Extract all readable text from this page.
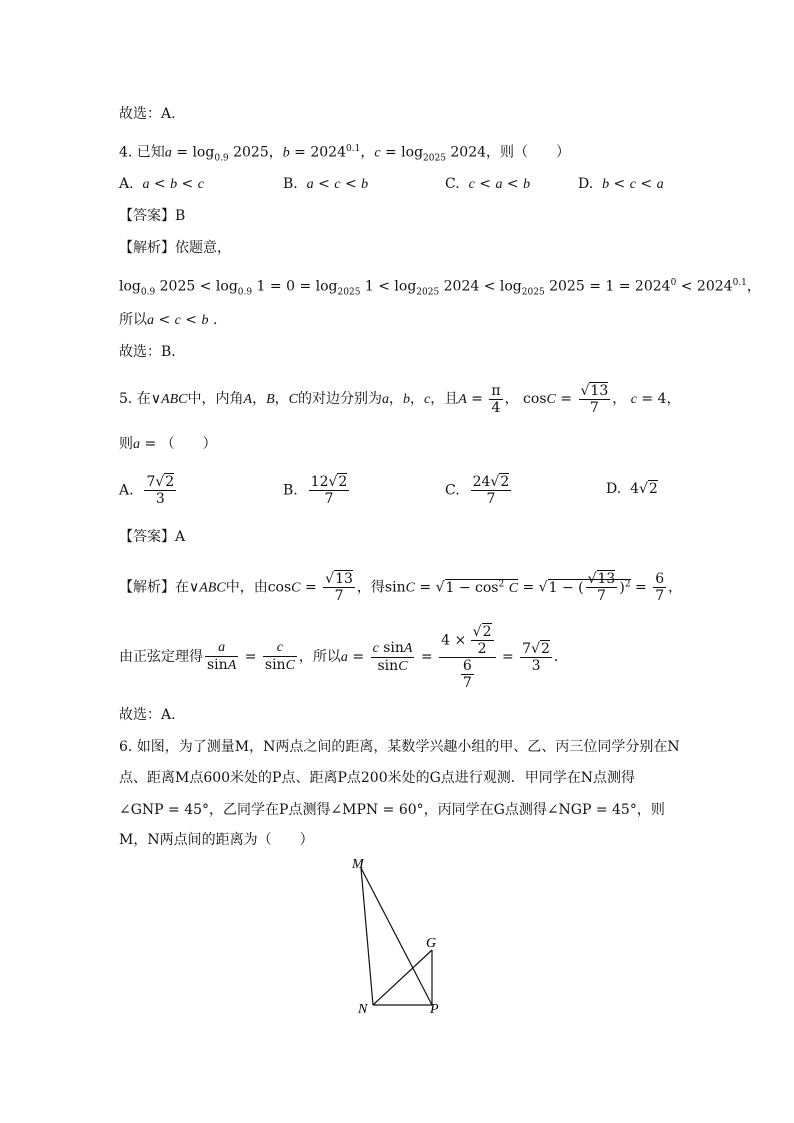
故选：A.
4. 已知$a = \log_{0.9} 2025$，$b = 2024^{0.1}$，$c = \log_{2025} 2024$，则（　　）
A. a < b < c	B. a < c < b	C. c < a < b	D. b < c < a
【答案】B
【解析】依题意，
$\log_{0.9} 2025 < \log_{0.9} 1 = 0 = \log_{2025} 1 < \log_{2025} 2024 < \log_{2025} 2025 = 1 = 2024^0 < 2024^{0.1}$，
所以a < c < b .
故选：B.
5. 在∨ABC中，内角A，B，C的对边分别为a，b，c，且$A = \frac{\pi}{4}$ ， $\cos C = \frac{√13}{7}$ ， c = 4，
则a = （　　）
A. $\frac{7√2}{3}$	B. $\frac{12√2}{7}$	C. $\frac{24√2}{7}$	D.  4√2
【答案】A
【解析】在∨ABC中，由$\cos C = \frac{√13}{7}$ ，得$\sin C = √1 - \cos^2 C = √1$ − ( $\frac{√13}{7} )^2 = \frac{6}{7}$ ，
由正弦定理得 $\frac{a}{\sin A} = \frac{c}{\sin C}$ ，所以$a = \frac{\text{c sinA}}{\sin C} = \frac{4 \times \frac{√2}{2}}{\frac{6}{7}} = \frac{7√2}{3}$ .
故选：A.
6. 如图，为了测量M，N两点之间的距离，某数学兴趣小组的甲、乙、丙三位同学分别在N
点、距离M点600米处的P点、距离P点200米处的G点进行观测．甲同学在N点测得
∠GNP = 45°，乙同学在P点测得∠MPN = 60°，丙同学在G点测得∠NGP = 45°，则
M，N两点间的距离为（　　）
M
G
N	P
